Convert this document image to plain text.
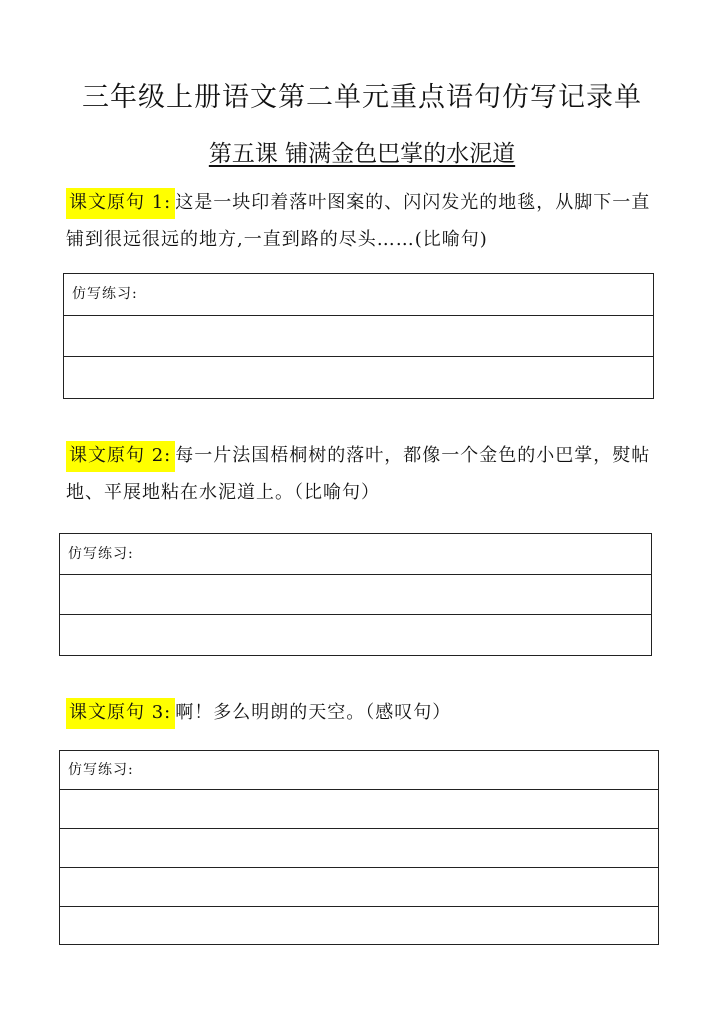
三年级上册语文第二单元重点语句仿写记录单
第五课 铺满金色巴掌的水泥道
课文原句 1: 这是一块印着落叶图案的、闪闪发光的地毯，从脚下一直铺到很远很远的地方,一直到路的尽头……(比喻句)
仿写练习:
课文原句 2: 每一片法国梧桐树的落叶，都像一个金色的小巴掌，熨帖地、平展地粘在水泥道上。（比喻句）
仿写练习:
课文原句 3: 啊！多么明朗的天空。（感叹句）
仿写练习:
